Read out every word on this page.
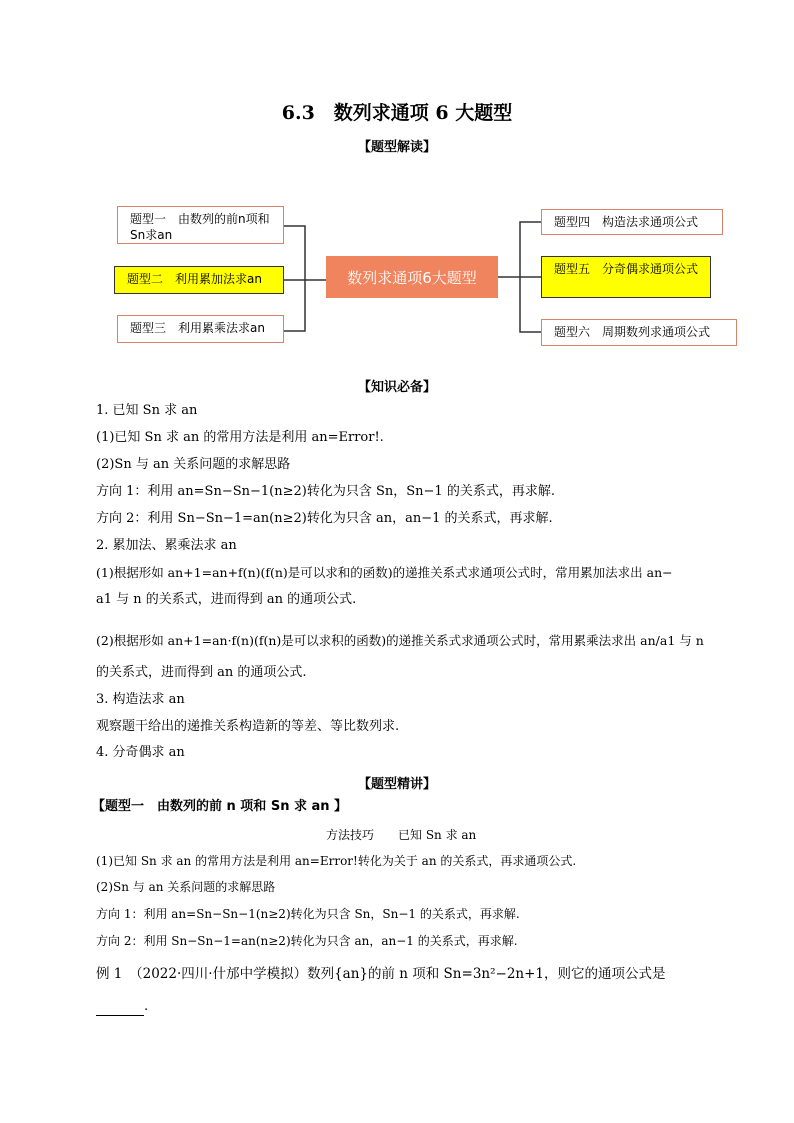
6.3　数列求通项 6 大题型
【题型解读】
题型一　由数列的前n项和Sn求an
题型二　利用累加法求an
题型三　利用累乘法求an
数列求通项6大题型
题型四　构造法求通项公式
题型五　分奇偶求通项公式
题型六　周期数列求通项公式
【知识必备】
1. 已知 Sn 求 an
(1)已知 Sn 求 an 的常用方法是利用 an=Error!.
(2)Sn 与 an 关系问题的求解思路
方向 1：利用 an=Sn−Sn−1(n≥2)转化为只含 Sn，Sn−1 的关系式，再求解.
方向 2：利用 Sn−Sn−1=an(n≥2)转化为只含 an，an−1 的关系式，再求解.
2. 累加法、累乘法求 an
(1)根据形如 an+1=an+f(n)(f(n)是可以求和的函数)的递推关系式求通项公式时，常用累加法求出 an−
a1 与 n 的关系式，进而得到 an 的通项公式.
(2)根据形如 an+1=an·f(n)(f(n)是可以求积的函数)的递推关系式求通项公式时，常用累乘法求出 an/a1 与 n
的关系式，进而得到 an 的通项公式.
3. 构造法求 an
观察题干给出的递推关系构造新的等差、等比数列求.
4. 分奇偶求 an
【题型精讲】
【题型一　由数列的前 n 项和 Sn 求 an 】
方法技巧　　已知 Sn 求 an
(1)已知 Sn 求 an 的常用方法是利用 an=Error!转化为关于 an 的关系式，再求通项公式.
(2)Sn 与 an 关系问题的求解思路
方向 1：利用 an=Sn−Sn−1(n≥2)转化为只含 Sn，Sn−1 的关系式，再求解.
方向 2：利用 Sn−Sn−1=an(n≥2)转化为只含 an，an−1 的关系式，再求解.
例 1　（2022·四川·什邡中学模拟）数列{an}的前 n 项和 Sn=3n²−2n+1，则它的通项公式是
.
